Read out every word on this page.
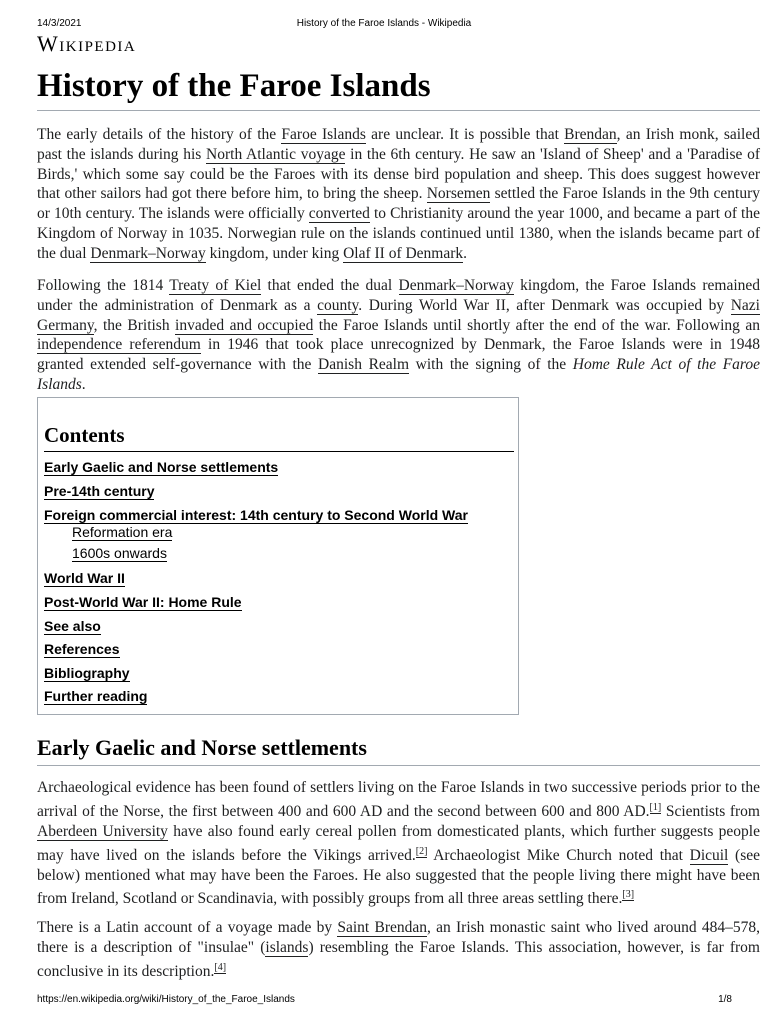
14/3/2021	History of the Faroe Islands - Wikipedia
Wikipedia
History of the Faroe Islands

The early details of the history of the Faroe Islands are unclear. It is possible that Brendan, an Irish monk, sailed past the islands during his North Atlantic voyage in the 6th century. He saw an 'Island of Sheep' and a 'Paradise of Birds,' which some say could be the Faroes with its dense bird population and sheep. This does suggest however that other sailors had got there before him, to bring the sheep. Norsemen settled the Faroe Islands in the 9th century or 10th century. The islands were officially converted to Christianity around the year 1000, and became a part of the Kingdom of Norway in 1035. Norwegian rule on the islands continued until 1380, when the islands became part of the dual Denmark–Norway kingdom, under king Olaf II of Denmark.

Following the 1814 Treaty of Kiel that ended the dual Denmark–Norway kingdom, the Faroe Islands remained under the administration of Denmark as a county. During World War II, after Denmark was occupied by Nazi Germany, the British invaded and occupied the Faroe Islands until shortly after the end of the war. Following an independence referendum in 1946 that took place unrecognized by Denmark, the Faroe Islands were in 1948 granted extended self-governance with the Danish Realm with the signing of the Home Rule Act of the Faroe Islands.

Contents
Early Gaelic and Norse settlements
Pre-14th century
Foreign commercial interest: 14th century to Second World War
Reformation era
1600s onwards
World War II
Post-World War II: Home Rule
See also
References
Bibliography
Further reading
Early Gaelic and Norse settlements

Archaeological evidence has been found of settlers living on the Faroe Islands in two successive periods prior to the arrival of the Norse, the first between 400 and 600 AD and the second between 600 and 800 AD.[1] Scientists from Aberdeen University have also found early cereal pollen from domesticated plants, which further suggests people may have lived on the islands before the Vikings arrived.[2] Archaeologist Mike Church noted that Dicuil (see below) mentioned what may have been the Faroes. He also suggested that the people living there might have been from Ireland, Scotland or Scandinavia, with possibly groups from all three areas settling there.[3]

There is a Latin account of a voyage made by Saint Brendan, an Irish monastic saint who lived around 484–578, there is a description of "insulae" (islands) resembling the Faroe Islands. This association, however, is far from conclusive in its description.[4]

https://en.wikipedia.org/wiki/History_of_the_Faroe_Islands	1/8
